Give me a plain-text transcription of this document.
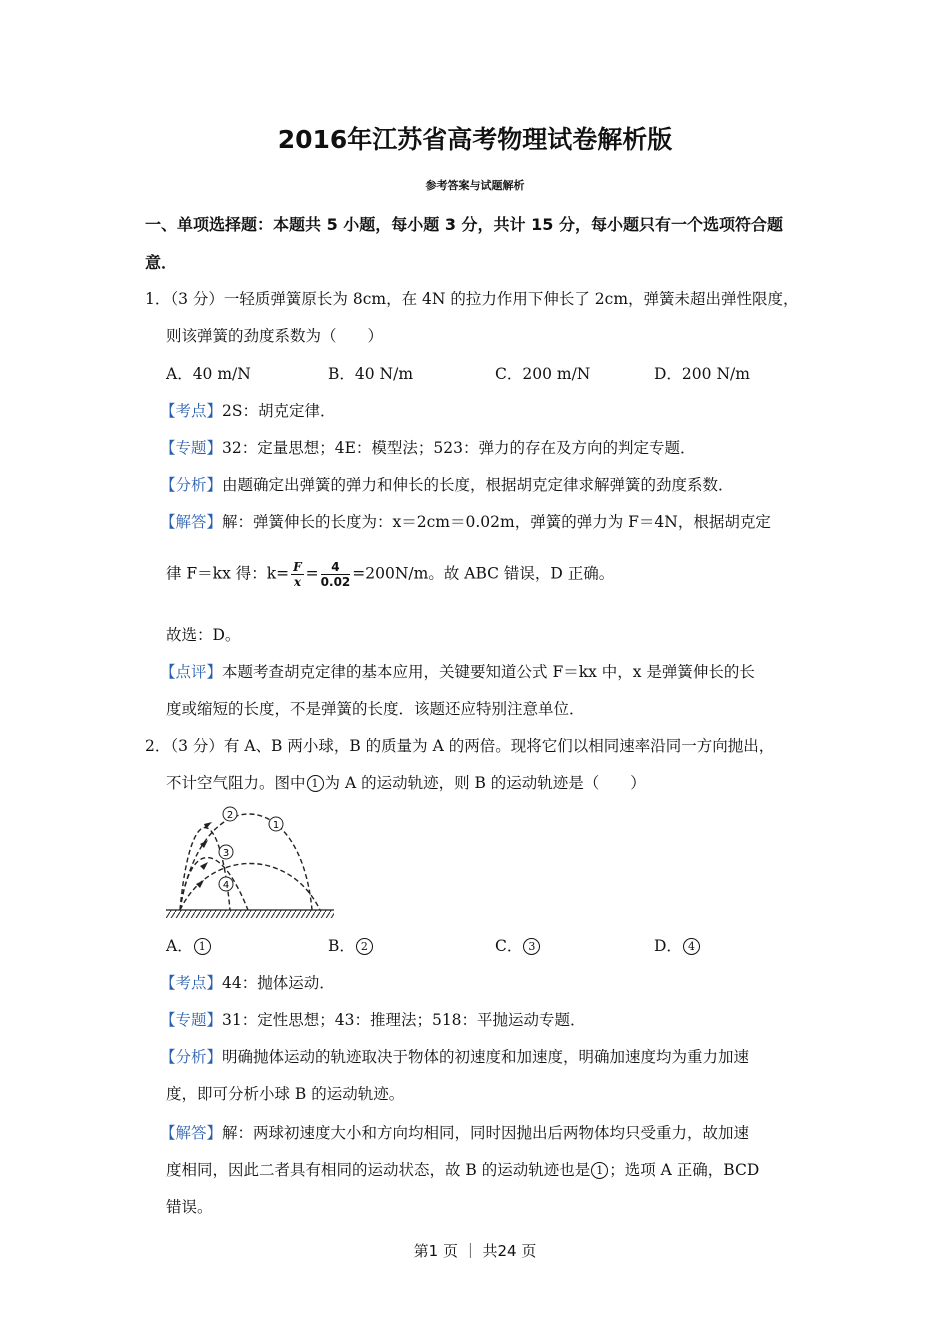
2016年江苏省高考物理试卷解析版
参考答案与试题解析
一、单项选择题：本题共 5 小题，每小题 3 分，共计 15 分，每小题只有一个选项符合题
意．
1．（3 分）一轻质弹簧原长为 8cm，在 4N 的拉力作用下伸长了 2cm，弹簧未超出弹性限度，
则该弹簧的劲度系数为（　　）
A．40 m/N	B．40 N/m	C．200 m/N	D．200 N/m
【考点】2S：胡克定律．
【专题】32：定量思想；4E：模型法；523：弹力的存在及方向的判定专题．
【分析】由题确定出弹簧的弹力和伸长的长度，根据胡克定律求解弹簧的劲度系数．
【解答】解：弹簧伸长的长度为：x＝2cm＝0.02m，弹簧的弹力为 F＝4N，根据胡克定
律 F＝kx 得：$k= \frac{F}{x} = \frac{4}{0.02} =200N/m$。故 ABC 错误，D 正确。
故选：D。
【点评】本题考查胡克定律的基本应用，关键要知道公式 F＝kx 中，x 是弹簧伸长的长
度或缩短的长度，不是弹簧的长度．该题还应特别注意单位．
2．（3 分）有 A、B 两小球，B 的质量为 A 的两倍。现将它们以相同速率沿同一方向抛出，
不计空气阻力。图中 1 为 A 的运动轨迹，则 B 的运动轨迹是（　　）
2
1
3
4
A． 1	B． 2	C． 3	D． 4
【考点】44：抛体运动．
【专题】31：定性思想；43：推理法；518：平抛运动专题．
【分析】明确抛体运动的轨迹取决于物体的初速度和加速度，明确加速度均为重力加速
度，即可分析小球 B 的运动轨迹。
【解答】解：两球初速度大小和方向均相同，同时因抛出后两物体均只受重力，故加速
度相同，因此二者具有相同的运动状态，故 B 的运动轨迹也是 1 ；选项 A 正确，BCD
错误。
第1 页 ｜ 共24 页
